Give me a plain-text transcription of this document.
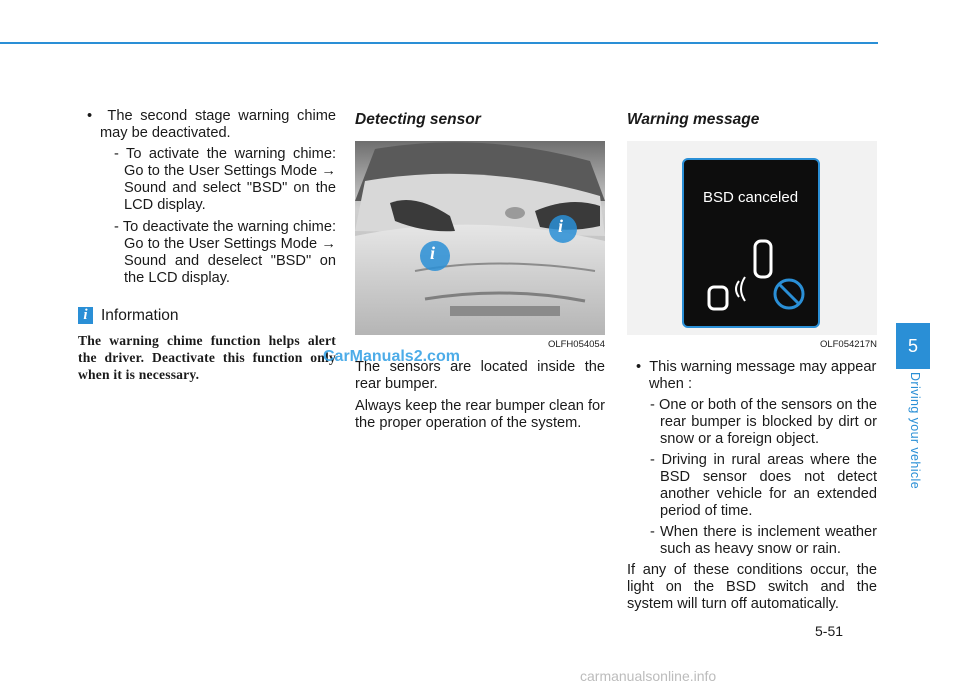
•  The second stage warning chime may be deactivated.

- To activate the warning chime: Go to the User Settings Mode → Sound and select "BSD" on the LCD display.

- To deactivate the warning chime: Go to the User Settings Mode → Sound and deselect "BSD" on the LCD display.

i Information

The warning chime function helps alert the driver. Deactivate this function only when it is necessary.

Detecting sensor

i
i

OLFH054054

The sensors are located inside the rear bumper.

Always keep the rear bumper clean for the proper operation of the system.

Warning message

BSD canceled

OLF054217N

•  This warning message may appear when :

- One or both of the sensors on the rear bumper is blocked by dirt or snow or a foreign object.

- Driving in rural areas where the BSD sensor does not detect another vehicle for an extended period of time.

- When there is inclement weather such as heavy snow or rain.

If any of these conditions occur, the light on the BSD switch and the system will turn off automatically.

CarManuals2.com
5
Driving your vehicle
5-51
carmanualsonline.info
